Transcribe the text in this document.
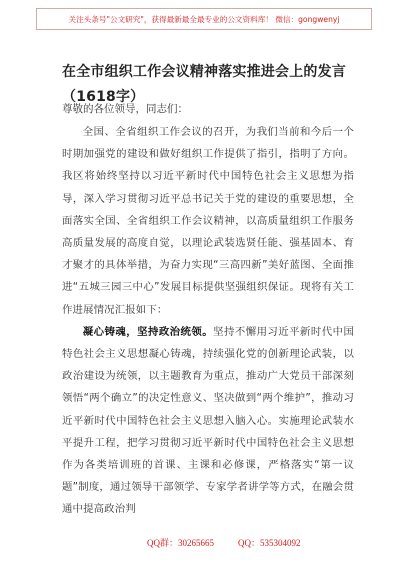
关注头条号"公文研究"，获得最新最全最专业的公文资料库！ 微信：gongwenyj
在全市组织工作会议精神落实推进会上的发言（1618字）
尊敬的各位领导，同志们：

全国、全省组织工作会议的召开，为我们当前和今后一个时期加强党的建设和做好组织工作提供了指引，指明了方向。我区将始终坚持以习近平新时代中国特色社会主义思想为指导，深入学习贯彻习近平总书记关于党的建设的重要思想，全面落实全国、全省组织工作会议精神，以高质量组织工作服务高质量发展的高度自觉，以理论武装选贤任能、强基固本、育才聚才的具体举措，为奋力实现“三高四新”美好蓝图、全面推进“五城三园三中心”发展目标提供坚强组织保证。现将有关工作进展情况汇报如下：

凝心铸魂，坚持政治统领。坚持不懈用习近平新时代中国特色社会主义思想凝心铸魂，持续强化党的创新理论武装，以政治建设为统领，以主题教育为重点，推动广大党员干部深刻领悟“两个确立”的决定性意义、坚决做到“两个维护”，推动习近平新时代中国特色社会主义思想入脑入心。实施理论武装水平提升工程，把学习贯彻习近平新时代中国特色社会主义思想作为各类培训班的首课、主课和必修课，严格落实“第一议题”制度，通过领导干部领学、专家学者讲学等方式，在融会贯通中提高政治判

QQ群：30265665	QQ：535304092
